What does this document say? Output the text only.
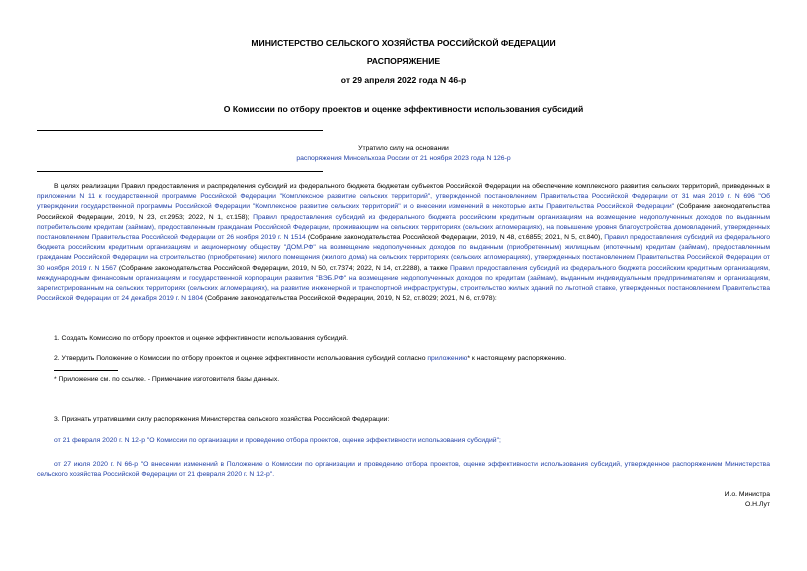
МИНИСТЕРСТВО СЕЛЬСКОГО ХОЗЯЙСТВА РОССИЙСКОЙ ФЕДЕРАЦИИ
РАСПОРЯЖЕНИЕ
от 29 апреля 2022 года N 46-р
О Комиссии по отбору проектов и оценке эффективности использования субсидий
Утратило силу на основании
распоряжения Минсельхоза России от 21 ноября 2023 года N 126-р
В целях реализации Правил предоставления и распределения субсидий из федерального бюджета бюджетам субъектов Российской Федерации на обеспечение комплексного развития сельских территорий, приведенных в приложении N 11 к государственной программе Российской Федерации "Комплексное развитие сельских территорий", утвержденной постановлением Правительства Российской Федерации от 31 мая 2019 г. N 696 "Об утверждении государственной программы Российской Федерации "Комплексное развитие сельских территорий" и о внесении изменений в некоторые акты Правительства Российской Федерации" (Собрание законодательства Российской Федерации, 2019, N 23, ст.2953; 2022, N 1, ст.158); Правил предоставления субсидий из федерального бюджета российским кредитным организациям на возмещение недополученных доходов по выданным потребительским кредитам (займам), предоставленным гражданам Российской Федерации, проживающим на сельских территориях (сельских агломерациях), на повышение уровня благоустройства домовладений, утвержденных постановлением Правительства Российской Федерации от 26 ноября 2019 г. N 1514 (Собрание законодательства Российской Федерации, 2019, N 48, ст.6855; 2021, N 5, ст.840), Правил предоставления субсидий из федерального бюджета российским кредитным организациям и акционерному обществу "ДОМ.РФ" на возмещение недополученных доходов по выданным (приобретенным) жилищным (ипотечным) кредитам (займам), предоставленным гражданам Российской Федерации на строительство (приобретение) жилого помещения (жилого дома) на сельских территориях (сельских агломерациях), утвержденных постановлением Правительства Российской Федерации от 30 ноября 2019 г. N 1567 (Собрание законодательства Российской Федерации, 2019, N 50, ст.7374; 2022, N 14, ст.2288), а также Правил предоставления субсидий из федерального бюджета российским кредитным организациям, международным финансовым организациям и государственной корпорации развития "ВЭБ.РФ" на возмещение недополученных доходов по кредитам (займам), выданным индивидуальным предпринимателям и организациям, зарегистрированным на сельских территориях (сельских агломерациях), на развитие инженерной и транспортной инфраструктуры, строительство жилых зданий по льготной ставке, утвержденных постановлением Правительства Российской Федерации от 24 декабря 2019 г. N 1804 (Собрание законодательства Российской Федерации, 2019, N 52, ст.8029; 2021, N 6, ст.978):
1. Создать Комиссию по отбору проектов и оценке эффективности использования субсидий.
2. Утвердить Положение о Комиссии по отбору проектов и оценке эффективности использования субсидий согласно приложению* к настоящему распоряжению.
* Приложение см. по ссылке. - Примечание изготовителя базы данных.
3. Признать утратившими силу распоряжения Министерства сельского хозяйства Российской Федерации:
от 21 февраля 2020 г. N 12-р "О Комиссии по организации и проведению отбора проектов, оценке эффективности использования субсидий";
от 27 июля 2020 г. N 66-р "О внесении изменений в Положение о Комиссии по организации и проведению отбора проектов, оценке эффективности использования субсидий, утвержденное распоряжением Министерства сельского хозяйства Российской Федерации от 21 февраля 2020 г. N 12-р".
И.о. Министра
О.Н.Лут
